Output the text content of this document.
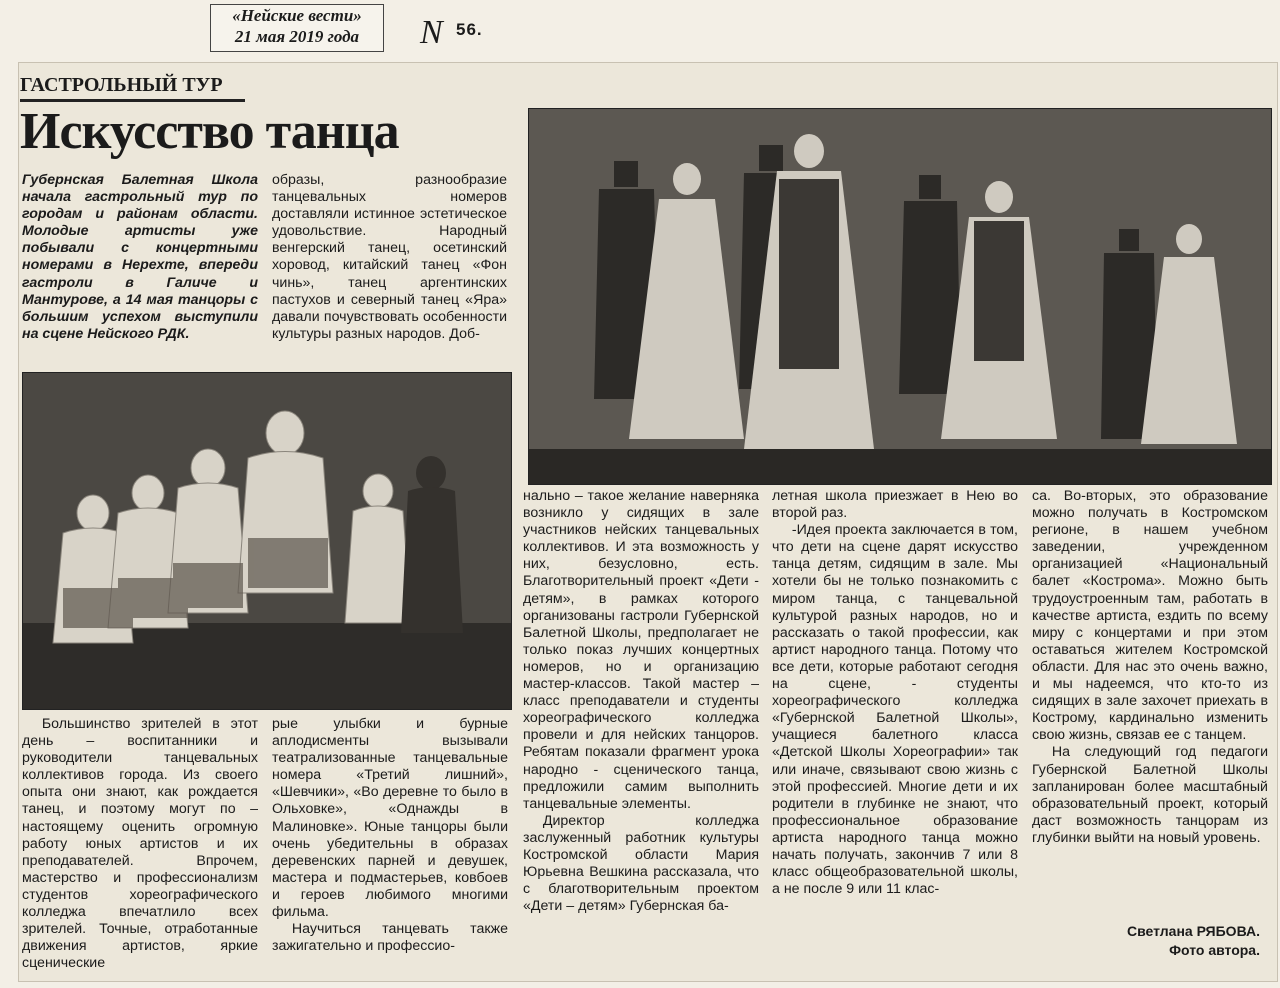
«Нейские вести»
21 мая 2019 года	N 56.
ГАСТРОЛЬНЫЙ ТУР
Искусство танца
Губернская Балетная Школа начала гастрольный тур по городам и районам области. Молодые артисты уже побывали с концертными номерами в Нерехте, впереди гастроли в Галиче и Мантурове, а 14 мая танцоры с большим успехом выступили на сцене Нейского РДК.

образы, разнообразие танцевальных номеров доставляли истинное эстетическое удовольствие. Народный венгерский танец, осетинский хоровод, китайский танец «Фон чинь», танец аргентинских пастухов и северный танец «Яра» давали почувствовать особенности культуры разных народов. Доб-

Большинство зрителей в этот день – воспитанники и руководители танцевальных коллективов города. Из своего опыта они знают, как рождается танец, и поэтому могут по – настоящему оценить огромную работу юных артистов и их преподавателей. Впрочем, мастерство и профессионализм студентов хореографического колледжа впечатлило всех зрителей. Точные, отработанные движения артистов, яркие сценические

рые улыбки и бурные аплодисменты вызывали театрализованные танцевальные номера «Третий лишний», «Шевчики», «Во деревне то было в Ольховке», «Однажды в Малиновке». Юные танцоры были очень убедительны в образах деревенских парней и девушек, мастера и подмастерьев, ковбоев и героев любимого многими фильма.

Научиться танцевать также зажигательно и профессио-

нально – такое желание наверняка возникло у сидящих в зале участников нейских танцевальных коллективов. И эта возможность у них, безусловно, есть. Благотворительный проект «Дети - детям», в рамках которого организованы гастроли Губернской Балетной Школы, предполагает не только показ лучших концертных номеров, но и организацию мастер-классов. Такой мастер – класс преподаватели и студенты хореографического колледжа провели и для нейских танцоров. Ребятам показали фрагмент урока народно - сценического танца, предложили самим выполнить танцевальные элементы.

Директор колледжа заслуженный работник культуры Костромской области Мария Юрьевна Вешкина рассказала, что с благотворительным проектом «Дети – детям» Губернская ба-

летная школа приезжает в Нею во второй раз.

-Идея проекта заключается в том, что дети на сцене дарят искусство танца детям, сидящим в зале. Мы хотели бы не только познакомить с миром танца, с танцевальной культурой разных народов, но и рассказать о такой профессии, как артист народного танца. Потому что все дети, которые работают сегодня на сцене, - студенты хореографического колледжа «Губернской Балетной Школы», учащиеся балетного класса «Детской Школы Хореографии» так или иначе, связывают свою жизнь с этой профессией. Многие дети и их родители в глубинке не знают, что профессиональное образование артиста народного танца можно начать получать, закончив 7 или 8 класс общеобразовательной школы, а не после 9 или 11 клас-

са. Во-вторых, это образование можно получать в Костромском регионе, в нашем учебном заведении, учрежденном организацией «Национальный балет «Кострома». Можно быть трудоустроенным там, работать в качестве артиста, ездить по всему миру с концертами и при этом оставаться жителем Костромской области. Для нас это очень важно, и мы надеемся, что кто-то из сидящих в зале захочет приехать в Кострому, кардинально изменить свою жизнь, связав ее с танцем.

На следующий год педагоги Губернской Балетной Школы запланирован более масштабный образовательный проект, который даст возможность танцорам из глубинки выйти на новый уровень.

Светлана РЯБОВА.
Фото автора.
